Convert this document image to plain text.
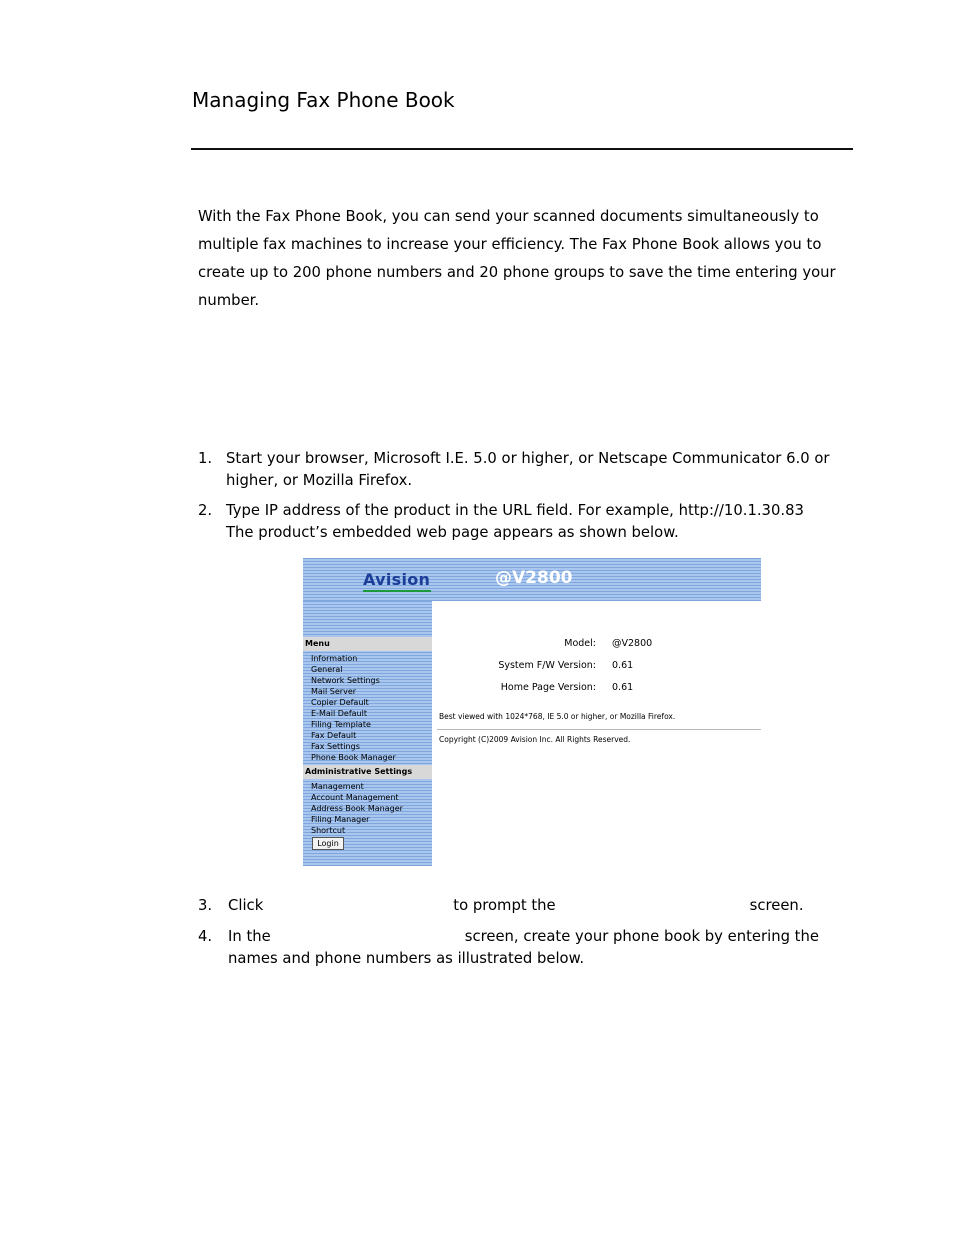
Managing Fax Phone Book

With the Fax Phone Book, you can send your scanned documents simultaneously to multiple fax machines to increase your efficiency. The Fax Phone Book allows you to create up to 200 phone numbers and 20 phone groups to save the time entering your number.

1. Start your browser, Microsoft I.E. 5.0 or higher, or Netscape Communicator 6.0 or higher, or Mozilla Firefox.
2. Type IP address of the product in the URL field. For example, http://10.1.30.83
The product’s embedded web page appears as shown below.
Avision	@V2800
Menu
Information
General
Network Settings
Mail Server
Copier Default
E-Mail Default
Filing Template
Fax Default
Fax Settings
Phone Book Manager
Administrative Settings
Management
Account Management
Address Book Manager
Filing Manager
Shortcut
Login
Model: @V2800
System F/W Version: 0.61
Home Page Version: 0.61
Best viewed with 1024*768, IE 5.0 or higher, or Mozilla Firefox.
Copyright (C)2009 Avision Inc. All Rights Reserved.
3. Click	to prompt the	screen.
4. In the	screen, create your phone book by entering the names and phone numbers as illustrated below.
